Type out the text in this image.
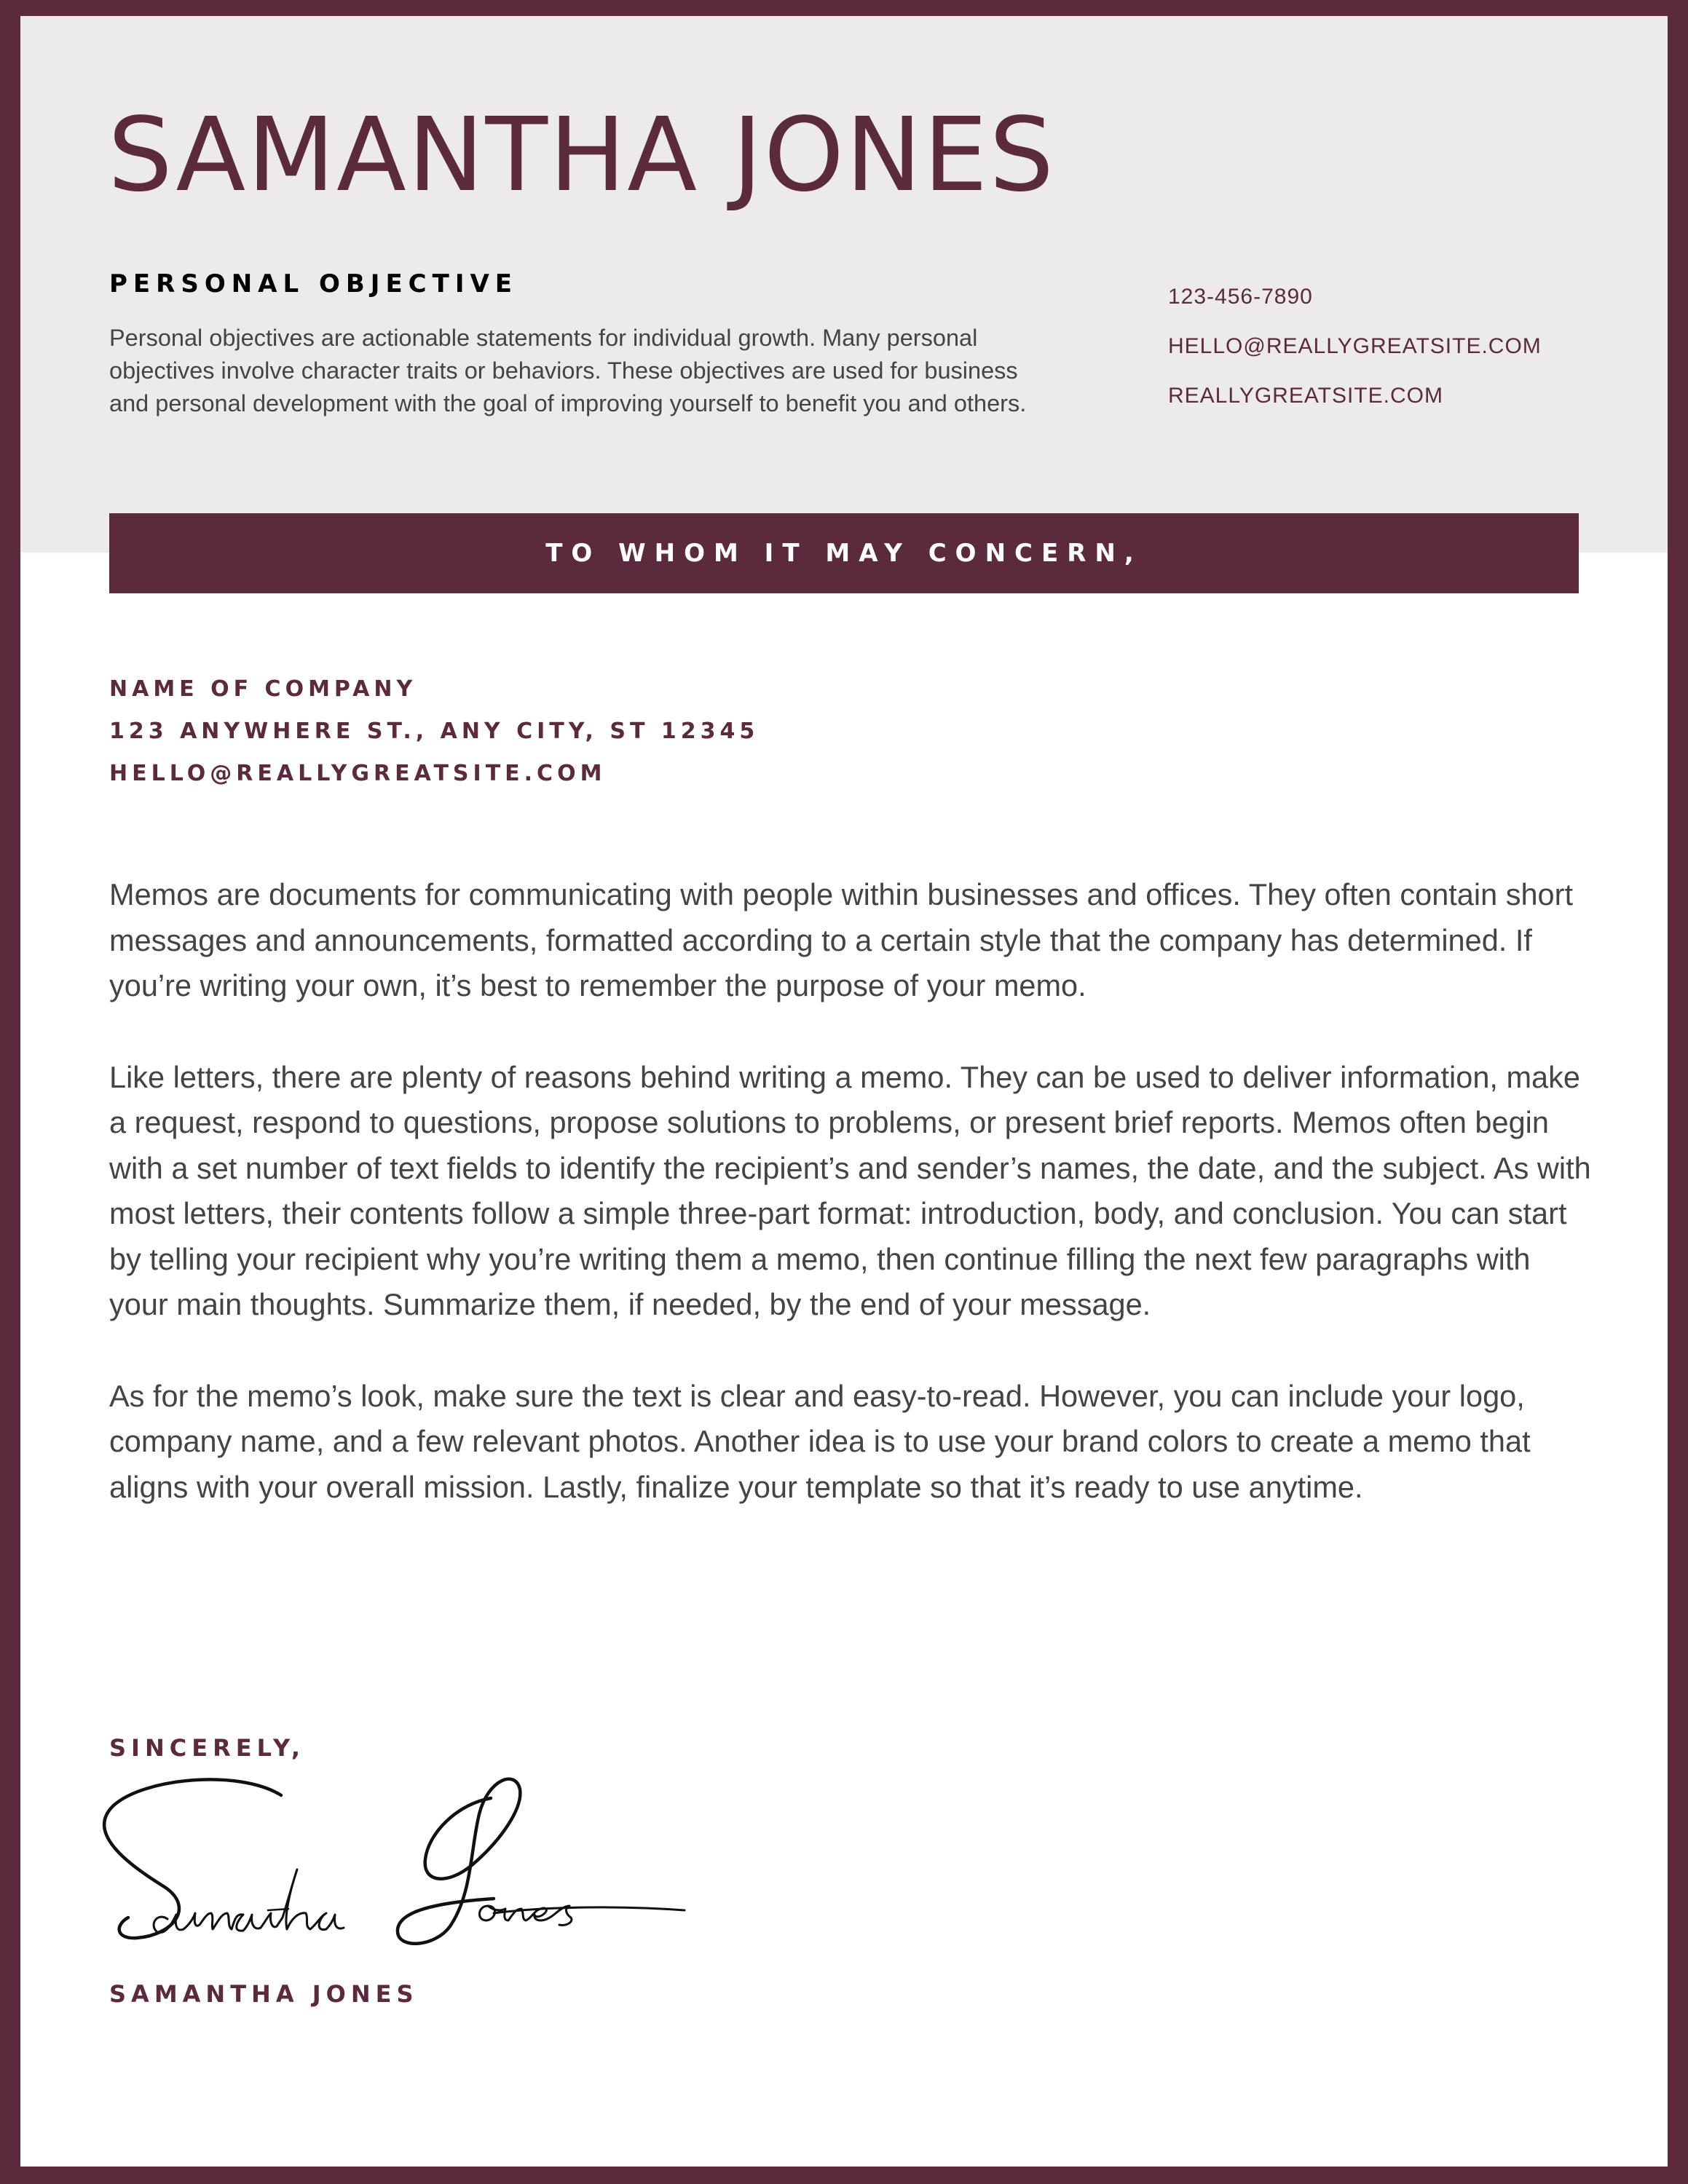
SAMANTHA JONES
PERSONAL OBJECTIVE

Personal objectives are actionable statements for individual growth. Many personal objectives involve character traits or behaviors. These objectives are used for business and personal development with the goal of improving yourself to benefit you and others.

123-456-7890
HELLO@REALLYGREATSITE.COM
REALLYGREATSITE.COM
TO WHOM IT MAY CONCERN,
NAME OF COMPANY
123 ANYWHERE ST., ANY CITY, ST 12345
HELLO@REALLYGREATSITE.COM

Memos are documents for communicating with people within businesses and offices. They often contain short messages and announcements, formatted according to a certain style that the company has determined. If you’re writing your own, it’s best to remember the purpose of your memo.

Like letters, there are plenty of reasons behind writing a memo. They can be used to deliver information, make a request, respond to questions, propose solutions to problems, or present brief reports. Memos often begin with a set number of text fields to identify the recipient’s and sender’s names, the date, and the subject. As with most letters, their contents follow a simple three-part format: introduction, body, and conclusion. You can start by telling your recipient why you’re writing them a memo, then continue filling the next few paragraphs with your main thoughts. Summarize them, if needed, by the end of your message.

As for the memo’s look, make sure the text is clear and easy-to-read. However, you can include your logo, company name, and a few relevant photos. Another idea is to use your brand colors to create a memo that aligns with your overall mission. Lastly, finalize your template so that it’s ready to use anytime.

SINCERELY,

SAMANTHA JONES
